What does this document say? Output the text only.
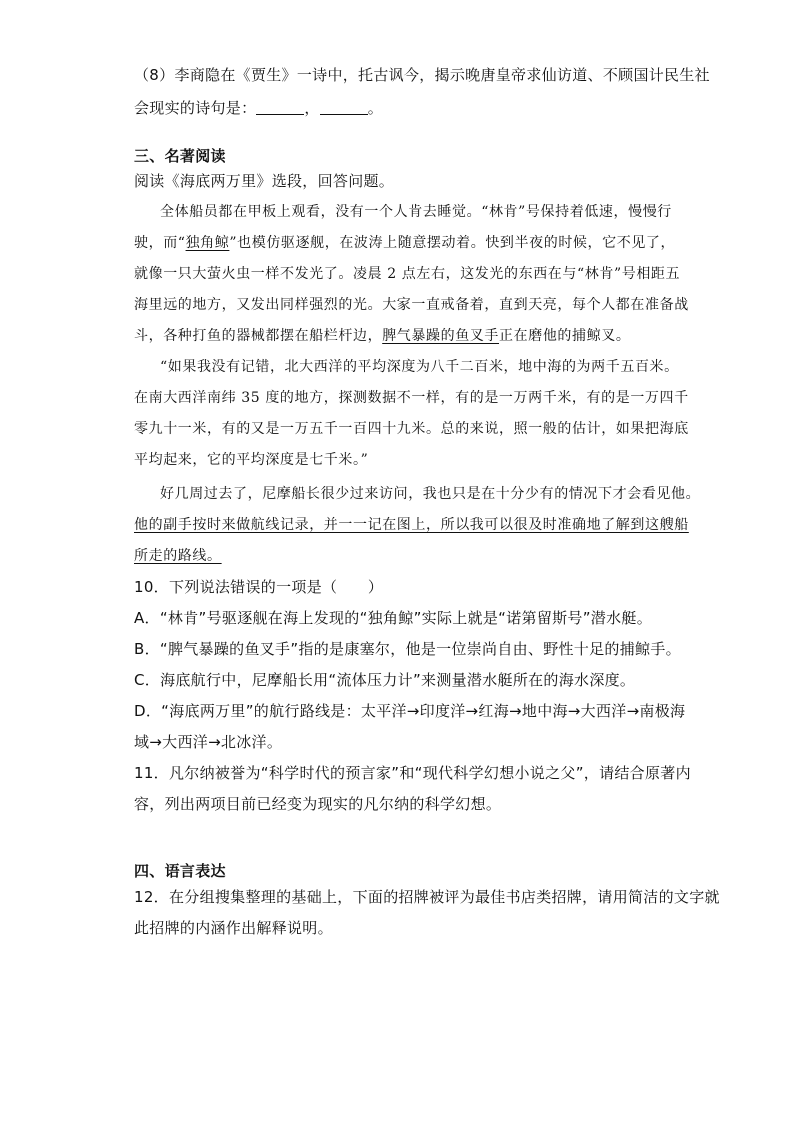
（8）李商隐在《贾生》一诗中，托古讽今，揭示晚唐皇帝求仙访道、不顾国计民生社
会现实的诗句是：	，	。
三、名著阅读
阅读《海底两万里》选段，回答问题。
全体船员都在甲板上观看，没有一个人肯去睡觉。“林肯”号保持着低速，慢慢行
驶，而“独角鲸”也模仿驱逐舰，在波涛上随意摆动着。快到半夜的时候，它不见了，
就像一只大萤火虫一样不发光了。凌晨 2 点左右，这发光的东西在与“林肯”号相距五
海里远的地方，又发出同样强烈的光。大家一直戒备着，直到天亮，每个人都在准备战
斗，各种打鱼的器械都摆在船栏杆边，脾气暴躁的鱼叉手正在磨他的捕鲸叉。
“如果我没有记错，北大西洋的平均深度为八千二百米，地中海的为两千五百米。
在南大西洋南纬 35 度的地方，探测数据不一样，有的是一万两千米，有的是一万四千
零九十一米，有的又是一万五千一百四十九米。总的来说，照一般的估计，如果把海底
平均起来，它的平均深度是七千米。”
好几周过去了，尼摩船长很少过来访问，我也只是在十分少有的情况下才会看见他。
他的副手按时来做航线记录，并一一记在图上，所以我可以很及时准确地了解到这艘船
所走的路线。
10．下列说法错误的一项是（　　）
A．“林肯”号驱逐舰在海上发现的“独角鲸”实际上就是“诺第留斯号”潜水艇。
B．“脾气暴躁的鱼叉手”指的是康塞尔，他是一位崇尚自由、野性十足的捕鲸手。
C．海底航行中，尼摩船长用“流体压力计”来测量潜水艇所在的海水深度。
D．“海底两万里”的航行路线是：太平洋→印度洋→红海→地中海→大西洋→南极海
域→大西洋→北冰洋。
11．凡尔纳被誉为“科学时代的预言家”和“现代科学幻想小说之父”，请结合原著内
容，列出两项目前已经变为现实的凡尔纳的科学幻想。
四、语言表达
12．在分组搜集整理的基础上，下面的招牌被评为最佳书店类招牌，请用简洁的文字就
此招牌的内涵作出解释说明。
